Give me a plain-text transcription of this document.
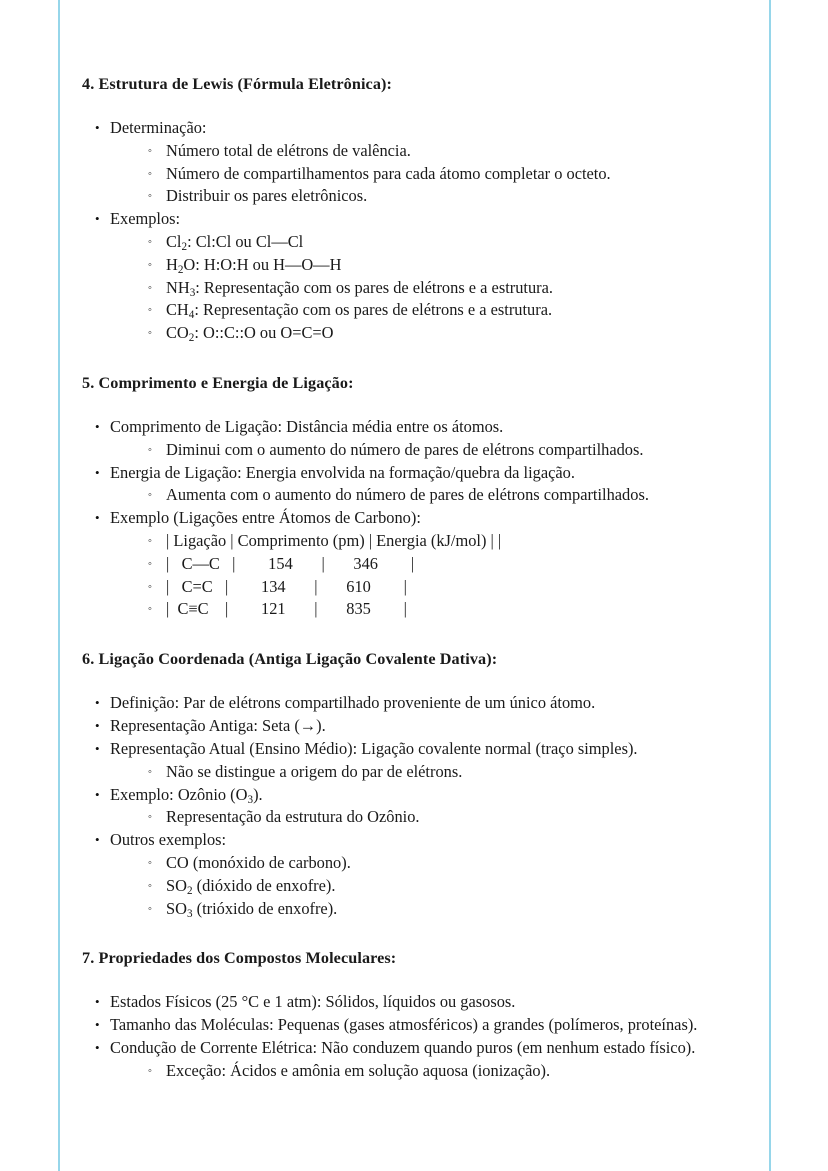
4. Estrutura de Lewis (Fórmula Eletrônica):
•
Determinação:
◦
Número total de elétrons de valência.
◦
Número de compartilhamentos para cada átomo completar o octeto.
◦
Distribuir os pares eletrônicos.
•
Exemplos:
◦
$Cl_2$: Cl:Cl ou Cl—Cl
◦
$H_2O$: H:O:H ou H—O—H
◦
$NH_3$: Representação com os pares de elétrons e a estrutura.
◦
$CH_4$: Representação com os pares de elétrons e a estrutura.
◦
$CO_2$: O::C::O ou O=C=O
5. Comprimento e Energia de Ligação:
•
Comprimento de Ligação: Distância média entre os átomos.
◦
Diminui com o aumento do número de pares de elétrons compartilhados.
•
Energia de Ligação: Energia envolvida na formação/quebra da ligação.
◦
Aumenta com o aumento do número de pares de elétrons compartilhados.
•
Exemplo (Ligações entre Átomos de Carbono):
◦
| Ligação | Comprimento (pm) | Energia (kJ/mol) | |
◦
|   C—C   |        154       |       346        |
◦
|   C=C   |        134       |       610        |
◦
|  C≡C    |        121       |       835        |
6. Ligação Coordenada (Antiga Ligação Covalente Dativa):
•
Definição: Par de elétrons compartilhado proveniente de um único átomo.
•
Representação Antiga: Seta (→).
•
Representação Atual (Ensino Médio): Ligação covalente normal (traço simples).
◦
Não se distingue a origem do par de elétrons.
•
Exemplo: Ozônio $(O_3)$.
◦
Representação da estrutura do Ozônio.
•
Outros exemplos:
◦
CO (monóxido de carbono).
◦
$SO_2$ (dióxido de enxofre).
◦
$SO_3$ (trióxido de enxofre).
7. Propriedades dos Compostos Moleculares:
•
Estados Físicos (25 °C e 1 atm): Sólidos, líquidos ou gasosos.
•
Tamanho das Moléculas: Pequenas (gases atmosféricos) a grandes (polímeros, proteínas).
•
Condução de Corrente Elétrica: Não conduzem quando puros (em nenhum estado físico).
◦
Exceção: Ácidos e amônia em solução aquosa (ionização).
